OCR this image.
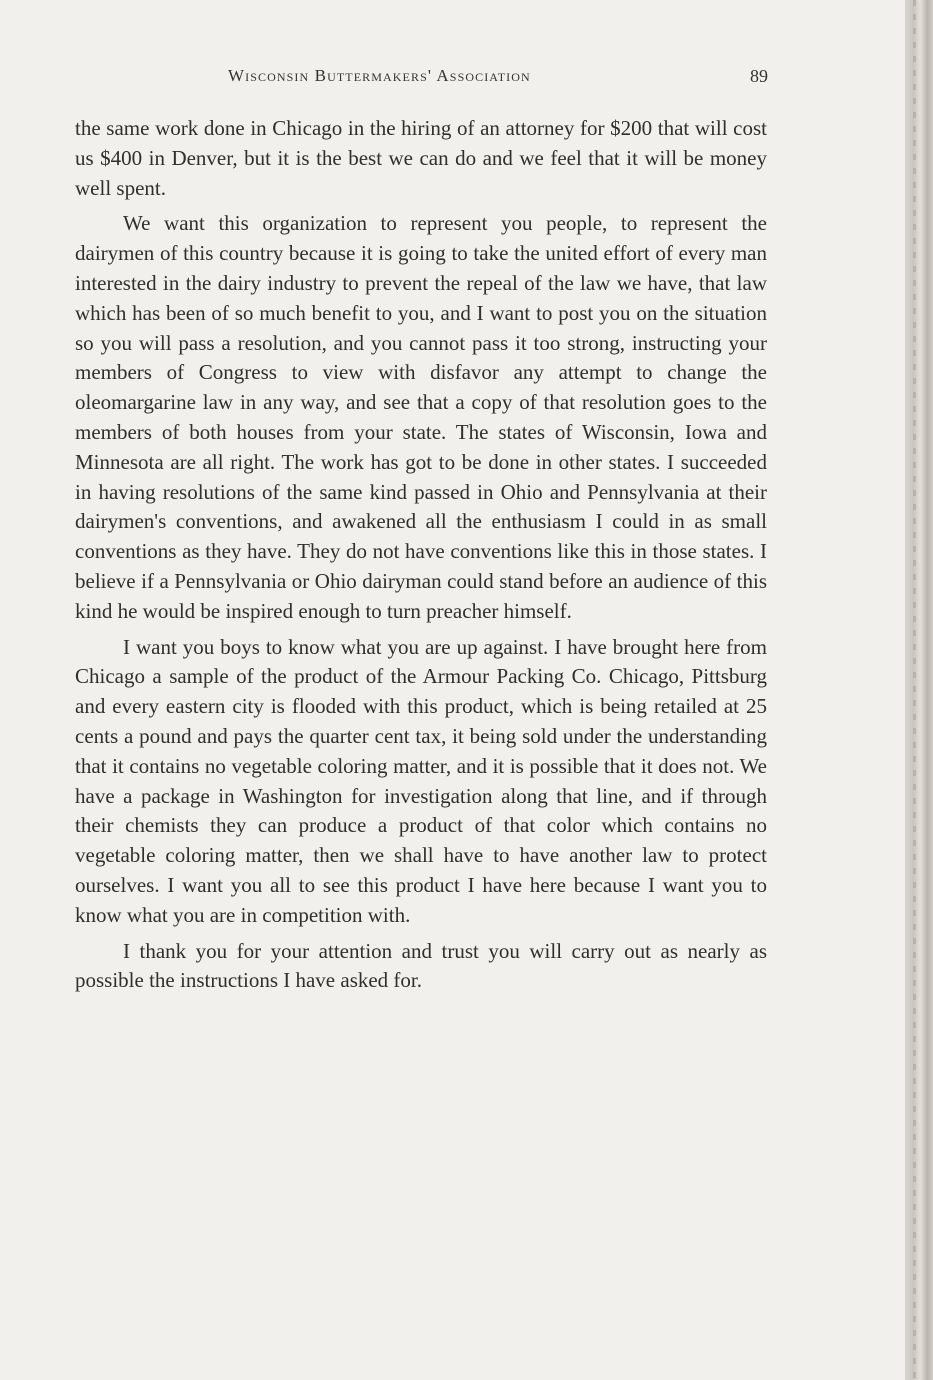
Wisconsin Buttermakers' Association	89

the same work done in Chicago in the hiring of an attorney for $200 that will cost us $400 in Denver, but it is the best we can do and we feel that it will be money well spent.

We want this organization to represent you people, to represent the dairymen of this country because it is going to take the united effort of every man interested in the dairy industry to prevent the repeal of the law we have, that law which has been of so much benefit to you, and I want to post you on the situation so you will pass a resolution, and you cannot pass it too strong, instructing your members of Congress to view with disfavor any attempt to change the oleomargarine law in any way, and see that a copy of that resolution goes to the members of both houses from your state. The states of Wisconsin, Iowa and Minnesota are all right. The work has got to be done in other states. I succeeded in having resolutions of the same kind passed in Ohio and Pennsylvania at their dairymen's conventions, and awakened all the enthusiasm I could in as small conventions as they have. They do not have conventions like this in those states. I believe if a Pennsylvania or Ohio dairyman could stand before an audience of this kind he would be inspired enough to turn preacher himself.

I want you boys to know what you are up against. I have brought here from Chicago a sample of the product of the Armour Packing Co. Chicago, Pittsburg and every eastern city is flooded with this product, which is being retailed at 25 cents a pound and pays the quarter cent tax, it being sold under the understanding that it contains no vegetable coloring matter, and it is possible that it does not. We have a package in Washington for investigation along that line, and if through their chemists they can produce a product of that color which contains no vegetable coloring matter, then we shall have to have another law to protect ourselves. I want you all to see this product I have here because I want you to know what you are in competition with.

I thank you for your attention and trust you will carry out as nearly as possible the instructions I have asked for.
